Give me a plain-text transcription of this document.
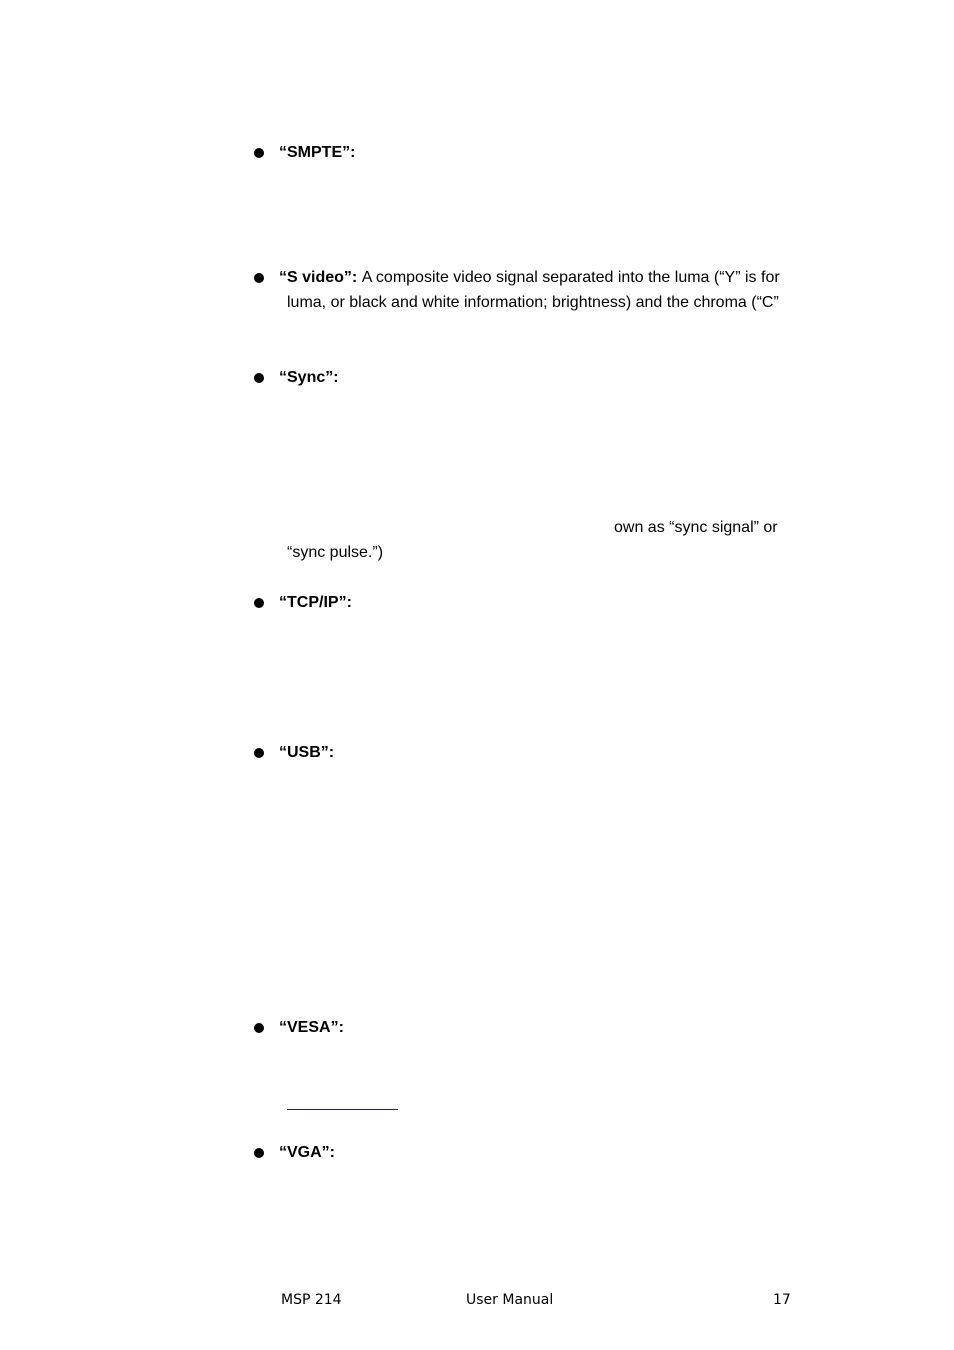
“SMPTE”:
“S video”: A composite video signal separated into the luma (“Y” is for
luma, or black and white information; brightness) and the chroma (“C”
“Sync”:
own as “sync signal” or
“sync pulse.”)
“TCP/IP”:
“USB”:
“VESA”:
“VGA”:
MSP 214	User Manual	17
